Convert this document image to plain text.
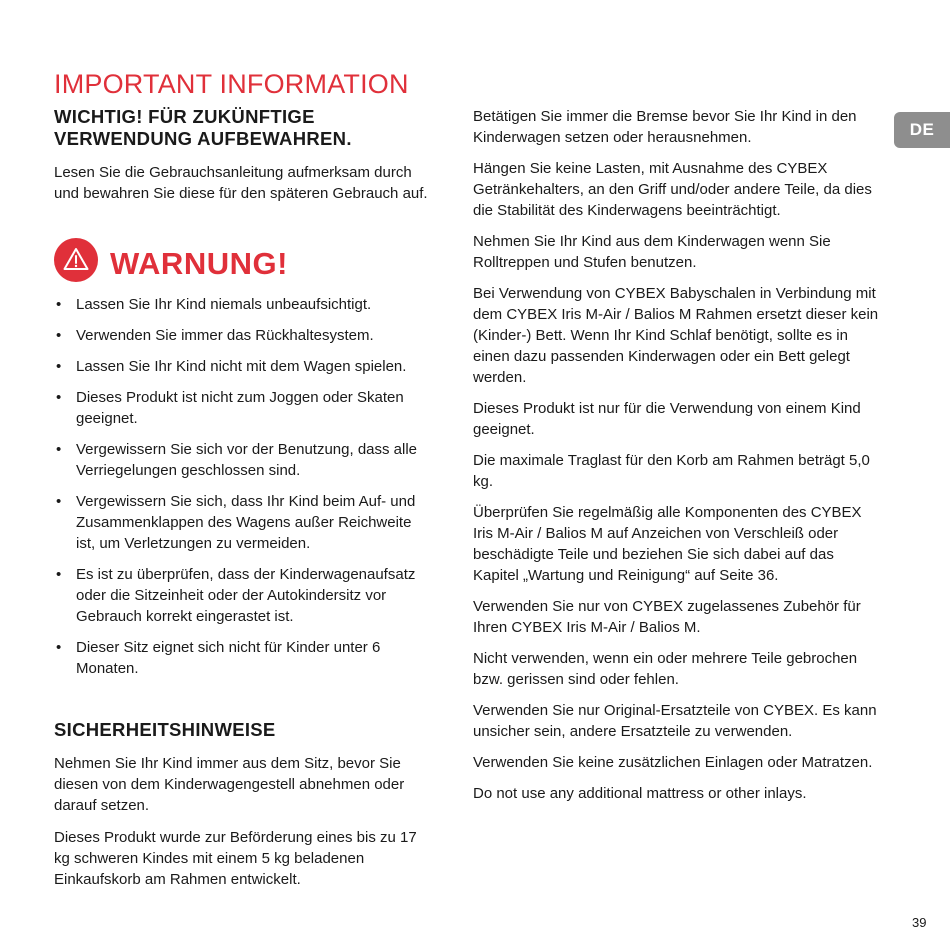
IMPORTANT INFORMATION
WICHTIG! FÜR ZUKÜNFTIGE
VERWENDUNG AUFBEWAHREN.

Lesen Sie die Gebrauchsanleitung aufmerksam durch und bewahren Sie diese für den späteren Gebrauch auf.

WARNUNG!
• Lassen Sie Ihr Kind niemals unbeaufsichtigt.
• Verwenden Sie immer das Rückhaltesystem.
• Lassen Sie Ihr Kind nicht mit dem Wagen spielen.
• Dieses Produkt ist nicht zum Joggen oder Skaten geeignet.
• Vergewissern Sie sich vor der Benutzung, dass alle Verriegelungen geschlossen sind.
• Vergewissern Sie sich, dass Ihr Kind beim Auf- und Zusammenklappen des Wagens außer Reichweite ist, um Verletzungen zu vermeiden.
• Es ist zu überprüfen, dass der Kinderwagenaufsatz oder die Sitzeinheit oder der Autokindersitz vor Gebrauch korrekt eingerastet ist.
• Dieser Sitz eignet sich nicht für Kinder unter 6 Monaten.
SICHERHEITSHINWEISE

Nehmen Sie Ihr Kind immer aus dem Sitz, bevor Sie diesen von dem Kinderwagengestell abnehmen oder darauf setzen.

Dieses Produkt wurde zur Beförderung eines bis zu 17 kg schweren Kindes mit einem 5 kg beladenen Einkaufskorb am Rahmen entwickelt.

Betätigen Sie immer die Bremse bevor Sie Ihr Kind in den Kinderwagen setzen oder herausnehmen.

Hängen Sie keine Lasten, mit Ausnahme des CYBEX Getränkehalters, an den Griff und/oder andere Teile, da dies die Stabilität des Kinderwagens beeinträchtigt.

Nehmen Sie Ihr Kind aus dem Kinderwagen wenn Sie Rolltreppen und Stufen benutzen.

Bei Verwendung von CYBEX Babyschalen in Verbindung mit dem CYBEX Iris M-Air / Balios M Rahmen ersetzt dieser kein (Kinder-) Bett. Wenn Ihr Kind Schlaf benötigt, sollte es in einen dazu passenden Kinderwagen oder ein Bett gelegt werden.

Dieses Produkt ist nur für die Verwendung von einem Kind geeignet.

Die maximale Traglast für den Korb am Rahmen beträgt 5,0 kg.

Überprüfen Sie regelmäßig alle Komponenten des CYBEX Iris M-Air / Balios M auf Anzeichen von Verschleiß oder beschädigte Teile und beziehen Sie sich dabei auf das Kapitel „Wartung und Reinigung“ auf Seite 36.

Verwenden Sie nur von CYBEX zugelassenes Zubehör für Ihren CYBEX Iris M-Air / Balios M.

Nicht verwenden, wenn ein oder mehrere Teile gebrochen bzw. gerissen sind oder fehlen.

Verwenden Sie nur Original-Ersatzteile von CYBEX. Es kann unsicher sein, andere Ersatzteile zu verwenden.

Verwenden Sie keine zusätzlichen Einlagen oder Matratzen.

Do not use any additional mattress or other inlays.

DE
39
